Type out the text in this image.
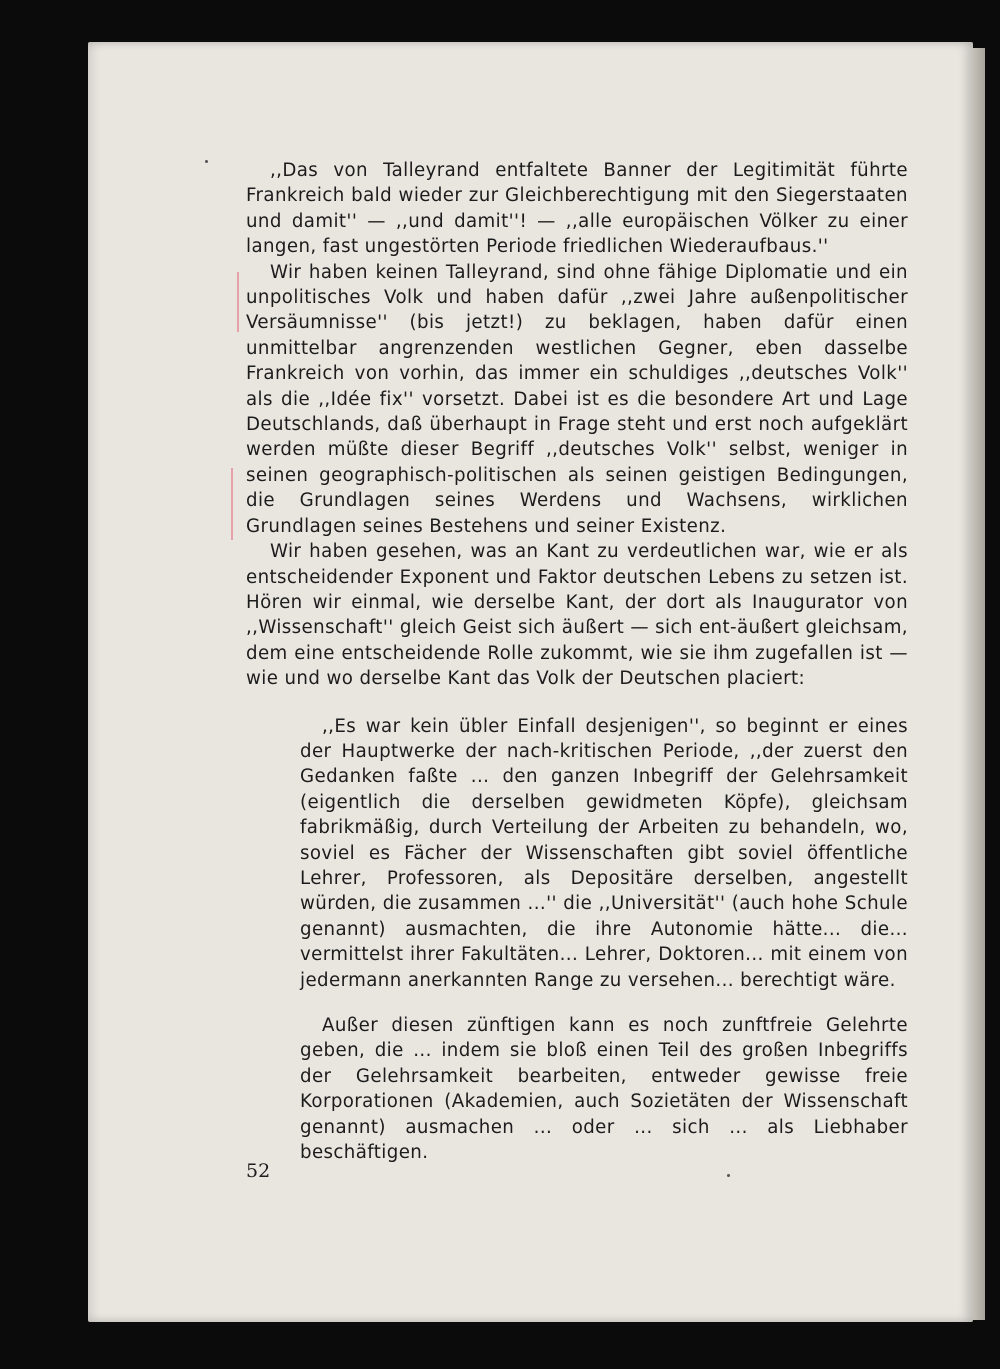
,,Das von Talleyrand entfaltete Banner der Legitimität führte Frankreich bald wieder zur Gleichberechtigung mit den Siegerstaaten und damit'' — ,,und damit''! — ,,alle europäischen Völker zu einer langen, fast ungestörten Periode friedlichen Wiederaufbaus.''

Wir haben keinen Talleyrand, sind ohne fähige Diplomatie und ein unpolitisches Volk und haben dafür ,,zwei Jahre außenpolitischer Versäumnisse'' (bis jetzt!) zu beklagen, haben dafür einen unmittelbar angrenzenden westlichen Gegner, eben dasselbe Frankreich von vorhin, das immer ein schuldiges ,,deutsches Volk'' als die ,,Idée fix'' vorsetzt. Dabei ist es die besondere Art und Lage Deutschlands, daß überhaupt in Frage steht und erst noch aufgeklärt werden müßte dieser Begriff ,,deutsches Volk'' selbst, weniger in seinen geographisch-politischen als seinen geistigen Bedingungen, die Grundlagen seines Werdens und Wachsens, wirklichen Grundlagen seines Bestehens und seiner Existenz.

Wir haben gesehen, was an Kant zu verdeutlichen war, wie er als entscheidender Exponent und Faktor deutschen Lebens zu setzen ist. Hören wir einmal, wie derselbe Kant, der dort als Inaugurator von ,,Wissenschaft'' gleich Geist sich äußert — sich ent-äußert gleichsam, dem eine entscheidende Rolle zukommt, wie sie ihm zugefallen ist — wie und wo derselbe Kant das Volk der Deutschen placiert:

,,Es war kein übler Einfall desjenigen'', so beginnt er eines der Hauptwerke der nach-kritischen Periode, ,,der zuerst den Gedanken faßte ... den ganzen Inbegriff der Gelehrsamkeit (eigentlich die derselben gewidmeten Köpfe), gleichsam fabrikmäßig, durch Verteilung der Arbeiten zu behandeln, wo, soviel es Fächer der Wissenschaften gibt soviel öffentliche Lehrer, Professoren, als Depositäre derselben, angestellt würden, die zusammen ...'' die ,,Universität'' (auch hohe Schule genannt) ausmachten, die ihre Autonomie hätte... die... vermittelst ihrer Fakultäten... Lehrer, Doktoren... mit einem von jedermann anerkannten Range zu versehen... berechtigt wäre.

Außer diesen zünftigen kann es noch zunftfreie Gelehrte geben, die ... indem sie bloß einen Teil des großen Inbegriffs der Gelehrsamkeit bearbeiten, entweder gewisse freie Korporationen (Akademien, auch Sozietäten der Wissenschaft genannt) ausmachen ... oder ... sich ... als Liebhaber beschäftigen.

52
